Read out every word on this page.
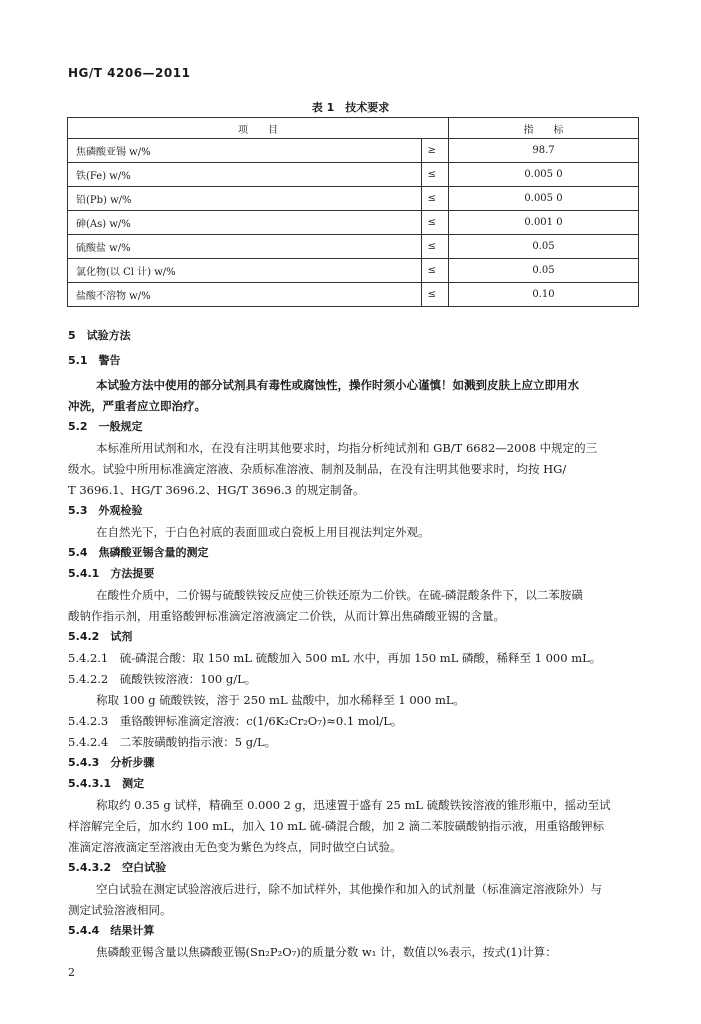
HG/T 4206—2011
表 1　技术要求
项　　目		指　　标
焦磷酸亚锡 w/%	≥	98.7
铁(Fe) w/%	≤	0.005 0
铅(Pb) w/%	≤	0.005 0
砷(As) w/%	≤	0.001 0
硫酸盐 w/%	≤	0.05
氯化物(以 Cl 计) w/%	≤	0.05
盐酸不溶物 w/%	≤	0.10
5　试验方法
5.1　警告
本试验方法中使用的部分试剂具有毒性或腐蚀性，操作时须小心谨慎！如溅到皮肤上应立即用水
冲洗，严重者应立即治疗。
5.2　一般规定
本标准所用试剂和水，在没有注明其他要求时，均指分析纯试剂和 GB/T 6682—2008 中规定的三
级水。试验中所用标准滴定溶液、杂质标准溶液、制剂及制品，在没有注明其他要求时，均按 HG/
T 3696.1、HG/T 3696.2、HG/T 3696.3 的规定制备。
5.3　外观检验
在自然光下，于白色衬底的表面皿或白瓷板上用目视法判定外观。
5.4　焦磷酸亚锡含量的测定
5.4.1　方法提要
在酸性介质中，二价锡与硫酸铁铵反应使三价铁还原为二价铁。在硫-磷混酸条件下，以二苯胺磺
酸钠作指示剂，用重铬酸钾标准滴定溶液滴定二价铁，从而计算出焦磷酸亚锡的含量。
5.4.2　试剂
5.4.2.1　硫-磷混合酸：取 150 mL 硫酸加入 500 mL 水中，再加 150 mL 磷酸，稀释至 1 000 mL。
5.4.2.2　硫酸铁铵溶液：100 g/L。
称取 100 g 硫酸铁铵，溶于 250 mL 盐酸中，加水稀释至 1 000 mL。
5.4.2.3　重铬酸钾标准滴定溶液：c(1/6K₂Cr₂O₇)≈0.1 mol/L。
5.4.2.4　二苯胺磺酸钠指示液：5 g/L。
5.4.3　分析步骤
5.4.3.1　测定
称取约 0.35 g 试样，精确至 0.000 2 g，迅速置于盛有 25 mL 硫酸铁铵溶液的锥形瓶中，摇动至试
样溶解完全后，加水约 100 mL，加入 10 mL 硫-磷混合酸，加 2 滴二苯胺磺酸钠指示液，用重铬酸钾标
准滴定溶液滴定至溶液由无色变为紫色为终点，同时做空白试验。
5.4.3.2　空白试验
空白试验在测定试验溶液后进行，除不加试样外，其他操作和加入的试剂量（标准滴定溶液除外）与
测定试验溶液相同。
5.4.4　结果计算
焦磷酸亚锡含量以焦磷酸亚锡(Sn₂P₂O₇)的质量分数 w₁ 计，数值以%表示，按式(1)计算：
2
